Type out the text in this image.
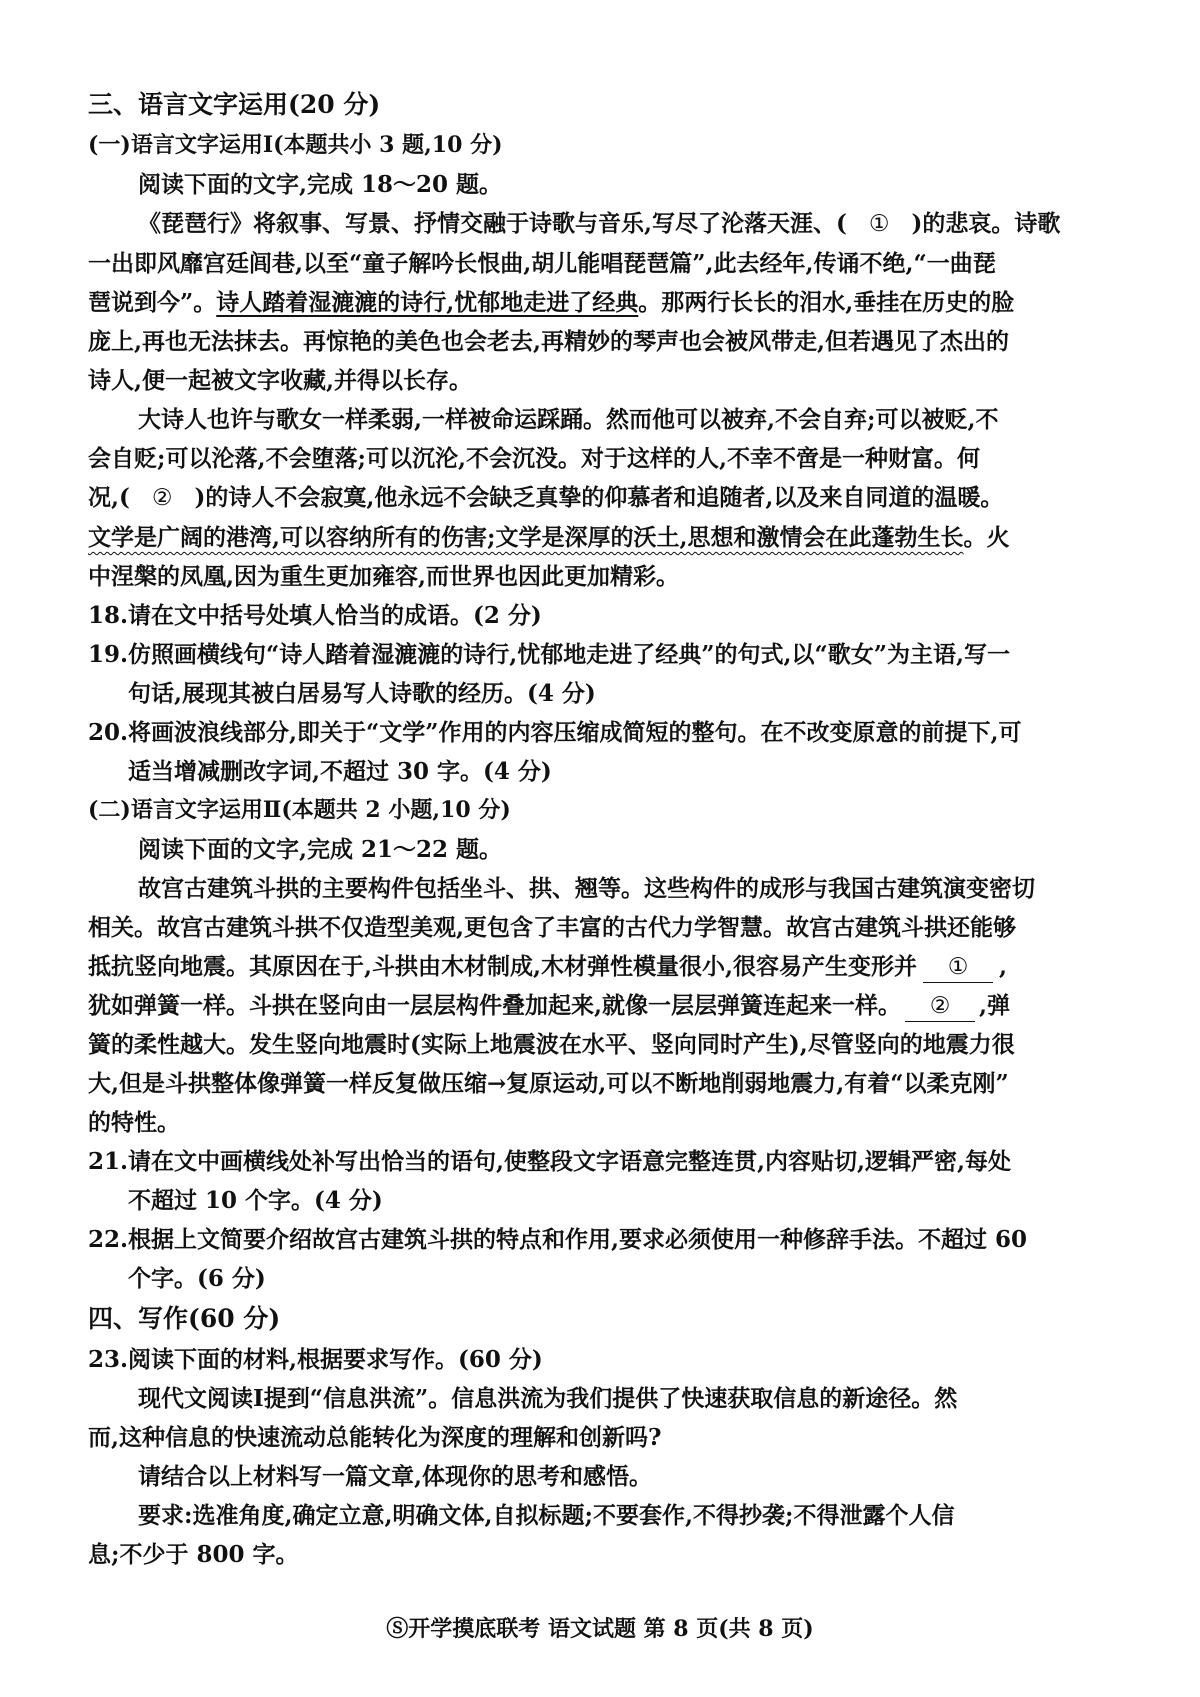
三、语言文字运用(20 分)
(一)语言文字运用Ⅰ(本题共小 3 题,10 分)
阅读下面的文字,完成 18～20 题。
《琵琶行》将叙事、写景、抒情交融于诗歌与音乐,写尽了沦落天涯、( ① )的悲哀。诗歌
一出即风靡宫廷闾巷,以至“童子解吟长恨曲,胡儿能唱琵琶篇”,此去经年,传诵不绝,“一曲琵
琶说到今”。诗人踏着湿漉漉的诗行,忧郁地走进了经典。那两行长长的泪水,垂挂在历史的脸
庞上,再也无法抹去。再惊艳的美色也会老去,再精妙的琴声也会被风带走,但若遇见了杰出的
诗人,便一起被文字收藏,并得以长存。
大诗人也许与歌女一样柔弱,一样被命运踩踊。然而他可以被弃,不会自弃;可以被贬,不
会自贬;可以沦落,不会堕落;可以沉沦,不会沉没。对于这样的人,不幸不啻是一种财富。何
况,( ② )的诗人不会寂寞,他永远不会缺乏真挚的仰慕者和追随者,以及来自同道的温暖。
文学是广阔的港湾,可以容纳所有的伤害;文学是深厚的沃土,思想和激情会在此蓬勃生长。火
中涅槃的凤凰,因为重生更加雍容,而世界也因此更加精彩。
18.请在文中括号处填人恰当的成语。(2 分)
19.仿照画横线句“诗人踏着湿漉漉的诗行,忧郁地走进了经典”的句式,以“歌女”为主语,写一
句话,展现其被白居易写人诗歌的经历。(4 分)
20.将画波浪线部分,即关于“文学”作用的内容压缩成简短的整句。在不改变原意的前提下,可
适当增减删改字词,不超过 30 字。(4 分)
(二)语言文字运用Ⅱ(本题共 2 小题,10 分)
阅读下面的文字,完成 21～22 题。
故宫古建筑斗拱的主要构件包括坐斗、拱、翘等。这些构件的成形与我国古建筑演变密切
相关。故宫古建筑斗拱不仅造型美观,更包含了丰富的古代力学智慧。故宫古建筑斗拱还能够
抵抗竖向地震。其原因在于,斗拱由木材制成,木材弹性模量很小,很容易产生变形并 ① ,
犹如弹簧一样。斗拱在竖向由一层层构件叠加起来,就像一层层弹簧连起来一样。 ② ,弹
簧的柔性越大。发生竖向地震时(实际上地震波在水平、竖向同时产生),尽管竖向的地震力很
大,但是斗拱整体像弹簧一样反复做压缩→复原运动,可以不断地削弱地震力,有着“以柔克刚”
的特性。
21.请在文中画横线处补写出恰当的语句,使整段文字语意完整连贯,内容贴切,逻辑严密,每处
不超过 10 个字。(4 分)
22.根据上文简要介绍故宫古建筑斗拱的特点和作用,要求必须使用一种修辞手法。不超过 60
个字。(6 分)
四、写作(60 分)
23.阅读下面的材料,根据要求写作。(60 分)
现代文阅读Ⅰ提到“信息洪流”。信息洪流为我们提供了快速获取信息的新途径。然
而,这种信息的快速流动总能转化为深度的理解和创新吗?
请结合以上材料写一篇文章,体现你的思考和感悟。
要求:选准角度,确定立意,明确文体,自拟标题;不要套作,不得抄袭;不得泄露个人信
息;不少于 800 字。
Ⓢ开学摸底联考 语文试题 第 8 页(共 8 页)
